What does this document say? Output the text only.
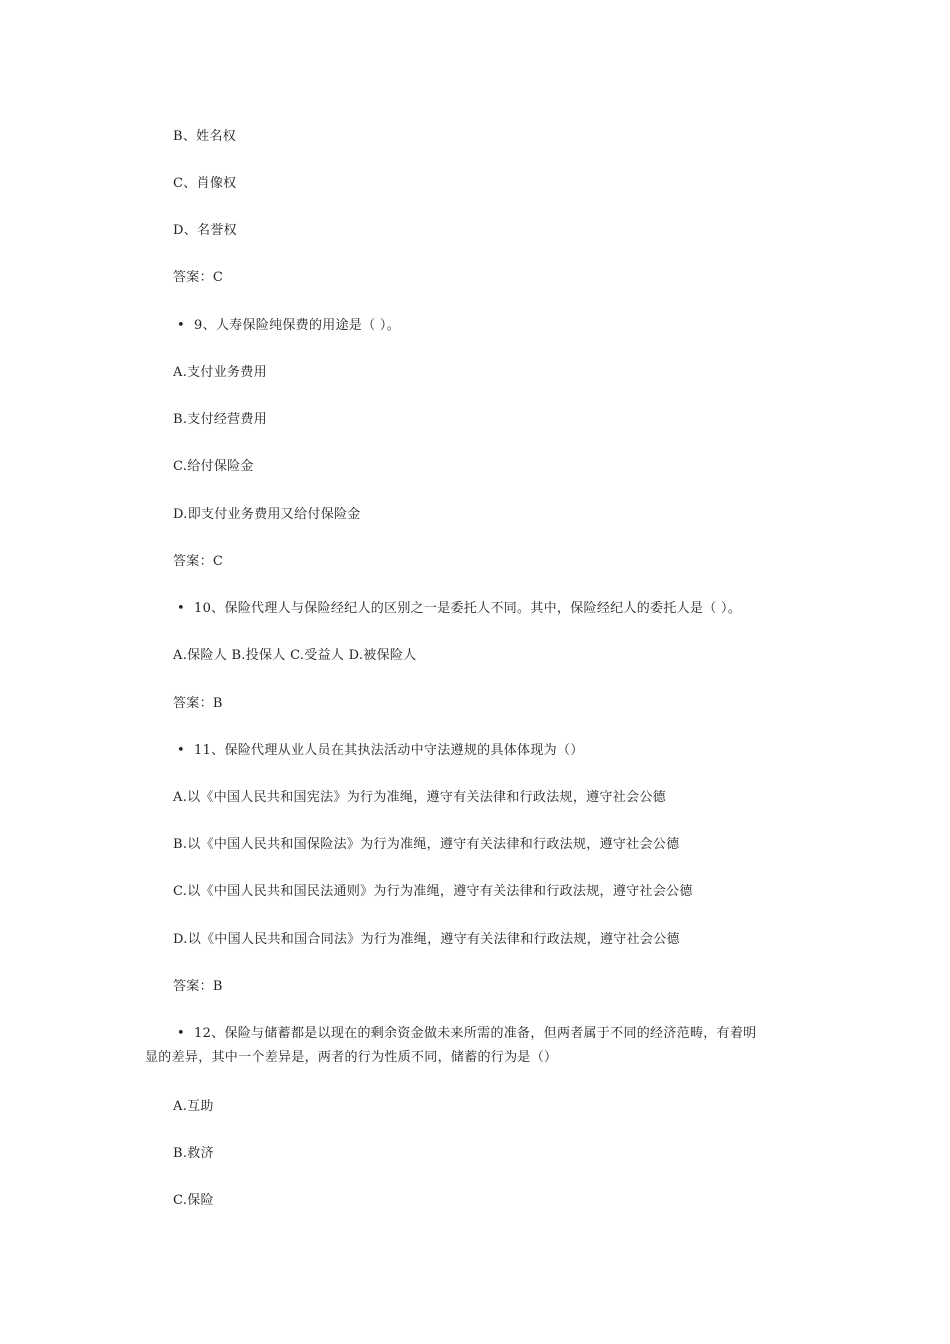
B、姓名权
C、肖像权
D、名誉权
答案：C
• 9、人寿保险纯保费的用途是（ ）。
A.支付业务费用
B.支付经营费用
C.给付保险金
D.即支付业务费用又给付保险金
答案：C
• 10、保险代理人与保险经纪人的区别之一是委托人不同。其中，保险经纪人的委托人是（ ）。
A.保险人 B.投保人 C.受益人 D.被保险人
答案：B
• 11、保险代理从业人员在其执法活动中守法遵规的具体体现为（）
A.以《中国人民共和国宪法》为行为准绳，遵守有关法律和行政法规，遵守社会公德
B.以《中国人民共和国保险法》为行为准绳，遵守有关法律和行政法规，遵守社会公德
C.以《中国人民共和国民法通则》为行为准绳，遵守有关法律和行政法规，遵守社会公德
D.以《中国人民共和国合同法》为行为准绳，遵守有关法律和行政法规，遵守社会公德
答案：B
• 12、保险与储蓄都是以现在的剩余资金做未来所需的准备，但两者属于不同的经济范畴，有着明
显的差异，其中一个差异是，两者的行为性质不同，储蓄的行为是（）
A.互助
B.救济
C.保险
